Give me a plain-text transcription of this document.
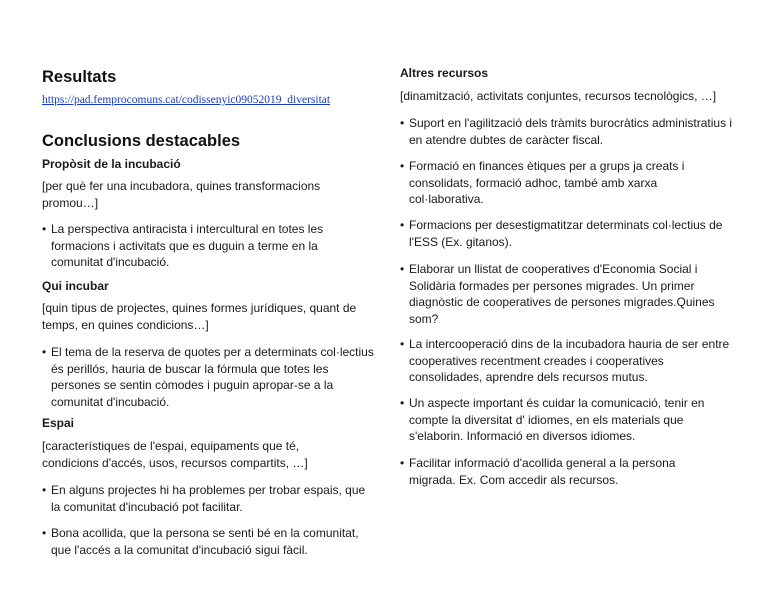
Resultats
https://pad.femprocomuns.cat/codissenyic09052019_diversitat
Conclusions destacables
Propòsit de la incubació
[per què fer una incubadora, quines transformacions promou…]
• La perspectiva antiracista i intercultural en totes les formacions i activitats que es duguin a terme en la comunitat d'incubació.
Qui incubar
[quin tipus de projectes, quines formes jurídiques, quant de temps, en quines condicions…]
• El tema de la reserva de quotes per a determinats col·lectius és perillós, hauria de buscar la fórmula que totes les persones se sentin còmodes i puguin apropar-se a la comunitat d'incubació.
Espai
[característiques de l'espai, equipaments que té, condicions d'accés, usos, recursos compartits, …]
• En alguns projectes hi ha problemes per trobar espais, que la comunitat d'incubació pot facilitar.
• Bona acollida, que la persona se senti bé en la comunitat, que l'accés a la comunitat d'incubació sigui fàcil.
Altres recursos
[dinamització, activitats conjuntes, recursos tecnològics, …]
• Suport en l'agilització dels tràmits burocràtics administratius i en atendre dubtes de caràcter fiscal.
• Formació en finances ètiques per a grups ja creats i consolidats, formació adhoc, també amb xarxa col·laborativa.
• Formacions per desestigmatitzar determinats col·lectius de l'ESS (Ex. gitanos).
• Elaborar un llistat de cooperatives d'Economia Social i Solidària formades per persones migrades. Un primer diagnòstic de cooperatives de persones migrades.Quines som?
• La intercooperació dins de la incubadora hauria de ser entre cooperatives recentment creades i cooperatives consolidades, aprendre dels recursos mutus.
• Un aspecte important és cuidar la comunicació, tenir en compte la diversitat d' idiomes, en els materials que s'elaborin. Informació en diversos idiomes.
• Facilitar informació d'acollida general a la persona migrada. Ex. Com accedir als recursos.
